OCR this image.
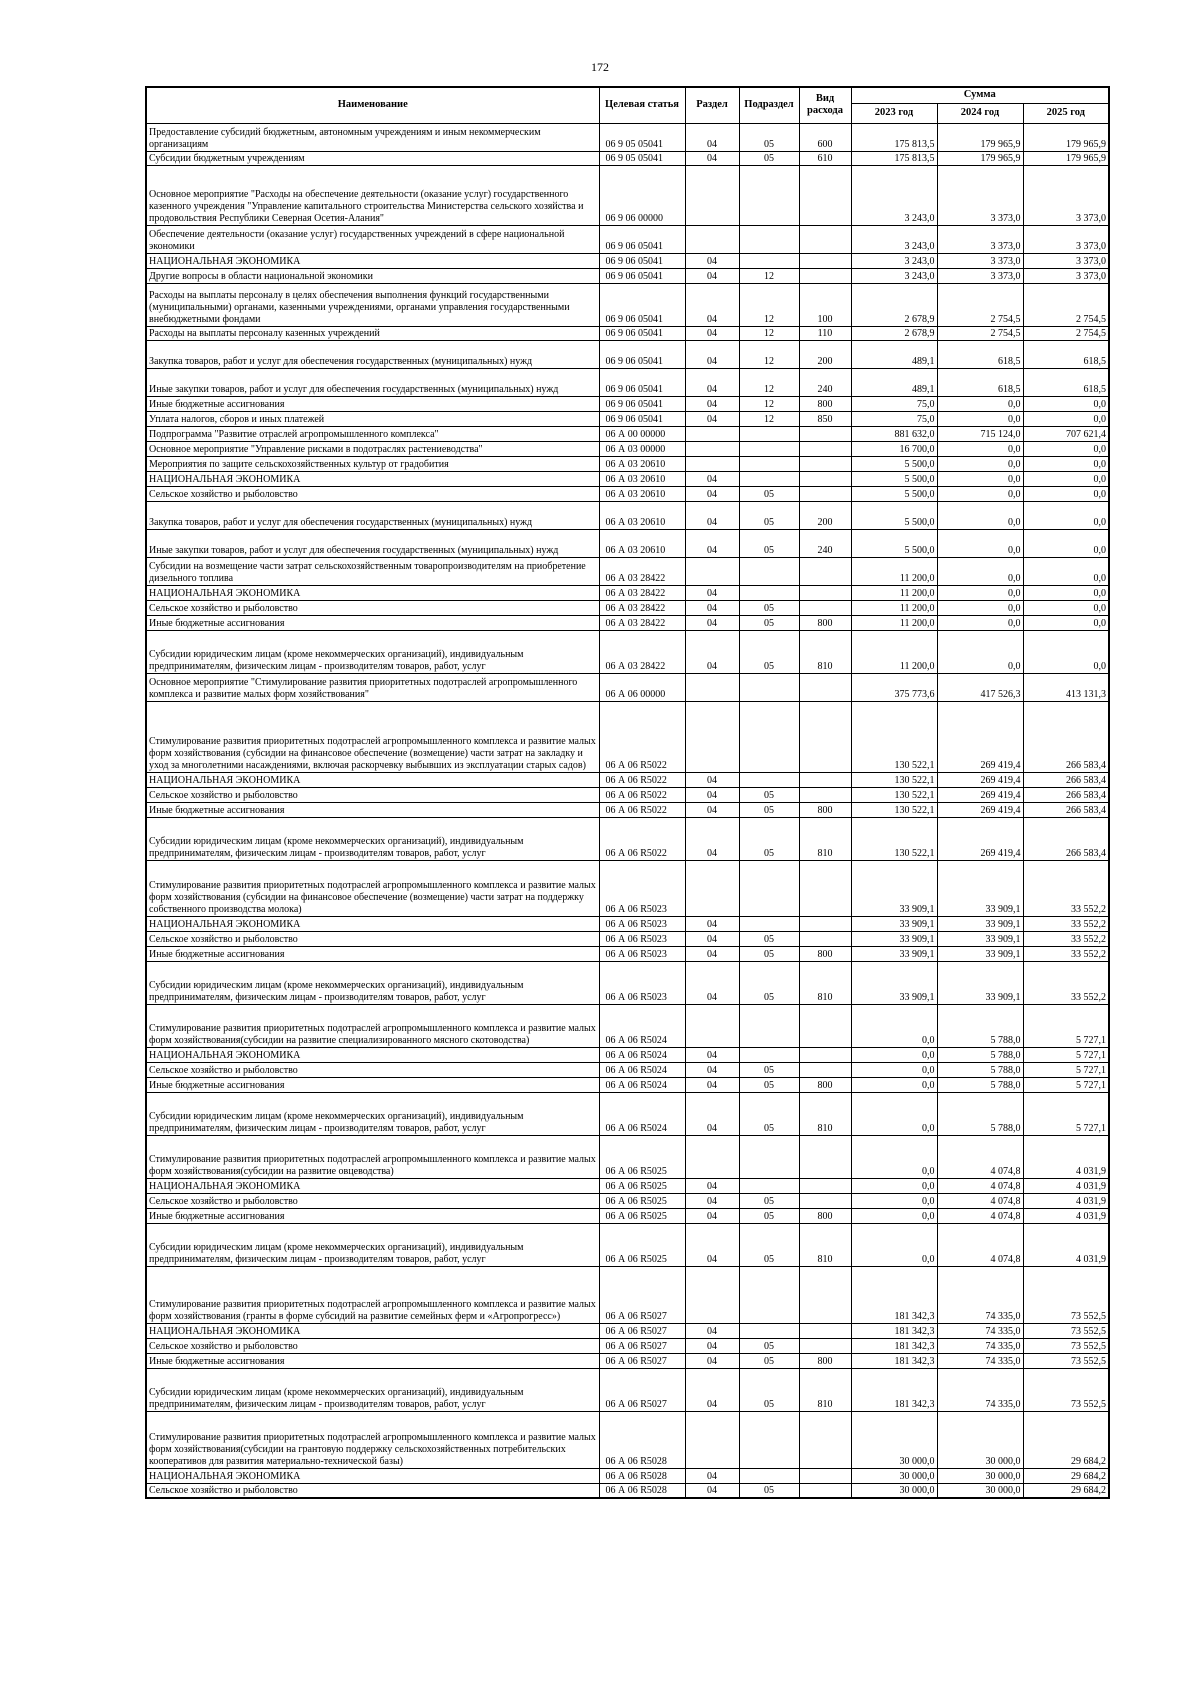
172
Наименование	Целевая статья	Раздел	Подраздел	Вид расхода	Сумма		
					2023 год	2024 год	2025 год
Предоставление субсидий бюджетным, автономным учреждениям и иным некоммерческим организациям	06 9 05 05041	04	05	600	175 813,5	179 965,9	179 965,9
Субсидии бюджетным учреждениям	06 9 05 05041	04	05	610	175 813,5	179 965,9	179 965,9
Основное мероприятие "Расходы на обеспечение деятельности (оказание услуг) государственного казенного учреждения "Управление капитального строительства Министерства сельского хозяйства и продовольствия Республики Северная Осетия-Алания"	06 9 06 00000				3 243,0	3 373,0	3 373,0
Обеспечение деятельности (оказание услуг) государственных учреждений в сфере национальной экономики	06 9 06 05041				3 243,0	3 373,0	3 373,0
НАЦИОНАЛЬНАЯ ЭКОНОМИКА	06 9 06 05041	04			3 243,0	3 373,0	3 373,0
Другие вопросы в области национальной экономики	06 9 06 05041	04	12		3 243,0	3 373,0	3 373,0
Расходы на выплаты персоналу в целях обеспечения выполнения функций государственными (муниципальными) органами, казенными учреждениями, органами управления государственными внебюджетными фондами	06 9 06 05041	04	12	100	2 678,9	2 754,5	2 754,5
Расходы на выплаты персоналу казенных учреждений	06 9 06 05041	04	12	110	2 678,9	2 754,5	2 754,5
Закупка товаров, работ и услуг для обеспечения государственных (муниципальных) нужд	06 9 06 05041	04	12	200	489,1	618,5	618,5
Иные закупки товаров, работ и услуг для обеспечения государственных (муниципальных) нужд	06 9 06 05041	04	12	240	489,1	618,5	618,5
Иные бюджетные ассигнования	06 9 06 05041	04	12	800	75,0	0,0	0,0
Уплата налогов, сборов и иных платежей	06 9 06 05041	04	12	850	75,0	0,0	0,0
Подпрограмма "Развитие отраслей агропромышленного комплекса"	06 А 00 00000				881 632,0	715 124,0	707 621,4
Основное мероприятие "Управление рисками в подотраслях растениеводства"	06 А 03 00000				16 700,0	0,0	0,0
Мероприятия по защите сельскохозяйственных культур от градобития	06 А 03 20610				5 500,0	0,0	0,0
НАЦИОНАЛЬНАЯ ЭКОНОМИКА	06 А 03 20610	04			5 500,0	0,0	0,0
Сельское хозяйство и рыболовство	06 А 03 20610	04	05		5 500,0	0,0	0,0
Закупка товаров, работ и услуг для обеспечения государственных (муниципальных) нужд	06 А 03 20610	04	05	200	5 500,0	0,0	0,0
Иные закупки товаров, работ и услуг для обеспечения государственных (муниципальных) нужд	06 А 03 20610	04	05	240	5 500,0	0,0	0,0
Субсидии на возмещение части затрат сельскохозяйственным товаропроизводителям на приобретение дизельного топлива	06 А 03 28422				11 200,0	0,0	0,0
НАЦИОНАЛЬНАЯ ЭКОНОМИКА	06 А 03 28422	04			11 200,0	0,0	0,0
Сельское хозяйство и рыболовство	06 А 03 28422	04	05		11 200,0	0,0	0,0
Иные бюджетные ассигнования	06 А 03 28422	04	05	800	11 200,0	0,0	0,0
Субсидии юридическим лицам (кроме некоммерческих организаций), индивидуальным предпринимателям, физическим лицам - производителям товаров, работ, услуг	06 А 03 28422	04	05	810	11 200,0	0,0	0,0
Основное мероприятие "Стимулирование развития приоритетных подотраслей агропромышленного комплекса и развитие малых форм хозяйствования"	06 А 06 00000				375 773,6	417 526,3	413 131,3
Стимулирование развития приоритетных подотраслей агропромышленного комплекса и развитие малых форм хозяйствования (субсидии на финансовое обеспечение (возмещение) части затрат на закладку и уход за многолетними насаждениями, включая раскорчевку выбывших из эксплуатации старых садов)	06 А 06 R5022				130 522,1	269 419,4	266 583,4
НАЦИОНАЛЬНАЯ ЭКОНОМИКА	06 А 06 R5022	04			130 522,1	269 419,4	266 583,4
Сельское хозяйство и рыболовство	06 А 06 R5022	04	05		130 522,1	269 419,4	266 583,4
Иные бюджетные ассигнования	06 А 06 R5022	04	05	800	130 522,1	269 419,4	266 583,4
Субсидии юридическим лицам (кроме некоммерческих организаций), индивидуальным предпринимателям, физическим лицам - производителям товаров, работ, услуг	06 А 06 R5022	04	05	810	130 522,1	269 419,4	266 583,4
Стимулирование развития приоритетных подотраслей агропромышленного комплекса и развитие малых форм хозяйствования (субсидии на финансовое обеспечение (возмещение) части затрат на поддержку собственного производства молока)	06 А 06 R5023				33 909,1	33 909,1	33 552,2
НАЦИОНАЛЬНАЯ ЭКОНОМИКА	06 А 06 R5023	04			33 909,1	33 909,1	33 552,2
Сельское хозяйство и рыболовство	06 А 06 R5023	04	05		33 909,1	33 909,1	33 552,2
Иные бюджетные ассигнования	06 А 06 R5023	04	05	800	33 909,1	33 909,1	33 552,2
Субсидии юридическим лицам (кроме некоммерческих организаций), индивидуальным предпринимателям, физическим лицам - производителям товаров, работ, услуг	06 А 06 R5023	04	05	810	33 909,1	33 909,1	33 552,2
Стимулирование развития приоритетных подотраслей агропромышленного комплекса и развитие малых форм хозяйствования(субсидии на развитие специализированного мясного скотоводства)	06 А 06 R5024				0,0	5 788,0	5 727,1
НАЦИОНАЛЬНАЯ ЭКОНОМИКА	06 А 06 R5024	04			0,0	5 788,0	5 727,1
Сельское хозяйство и рыболовство	06 А 06 R5024	04	05		0,0	5 788,0	5 727,1
Иные бюджетные ассигнования	06 А 06 R5024	04	05	800	0,0	5 788,0	5 727,1
Субсидии юридическим лицам (кроме некоммерческих организаций), индивидуальным предпринимателям, физическим лицам - производителям товаров, работ, услуг	06 А 06 R5024	04	05	810	0,0	5 788,0	5 727,1
Стимулирование развития приоритетных подотраслей агропромышленного комплекса и развитие малых форм хозяйствования(субсидии на развитие овцеводства)	06 А 06 R5025				0,0	4 074,8	4 031,9
НАЦИОНАЛЬНАЯ ЭКОНОМИКА	06 А 06 R5025	04			0,0	4 074,8	4 031,9
Сельское хозяйство и рыболовство	06 А 06 R5025	04	05		0,0	4 074,8	4 031,9
Иные бюджетные ассигнования	06 А 06 R5025	04	05	800	0,0	4 074,8	4 031,9
Субсидии юридическим лицам (кроме некоммерческих организаций), индивидуальным предпринимателям, физическим лицам - производителям товаров, работ, услуг	06 А 06 R5025	04	05	810	0,0	4 074,8	4 031,9
Стимулирование развития приоритетных подотраслей агропромышленного комплекса и развитие малых форм хозяйствования (гранты в форме субсидий на развитие семейных ферм и «Агропрогресс»)	06 А 06 R5027				181 342,3	74 335,0	73 552,5
НАЦИОНАЛЬНАЯ ЭКОНОМИКА	06 А 06 R5027	04			181 342,3	74 335,0	73 552,5
Сельское хозяйство и рыболовство	06 А 06 R5027	04	05		181 342,3	74 335,0	73 552,5
Иные бюджетные ассигнования	06 А 06 R5027	04	05	800	181 342,3	74 335,0	73 552,5
Субсидии юридическим лицам (кроме некоммерческих организаций), индивидуальным предпринимателям, физическим лицам - производителям товаров, работ, услуг	06 А 06 R5027	04	05	810	181 342,3	74 335,0	73 552,5
Стимулирование развития приоритетных подотраслей агропромышленного комплекса и развитие малых форм хозяйствования(субсидии на грантовую поддержку сельскохозяйственных потребительских кооперативов для развития материально-технической базы)	06 А 06 R5028				30 000,0	30 000,0	29 684,2
НАЦИОНАЛЬНАЯ ЭКОНОМИКА	06 А 06 R5028	04			30 000,0	30 000,0	29 684,2
Сельское хозяйство и рыболовство	06 А 06 R5028	04	05		30 000,0	30 000,0	29 684,2
